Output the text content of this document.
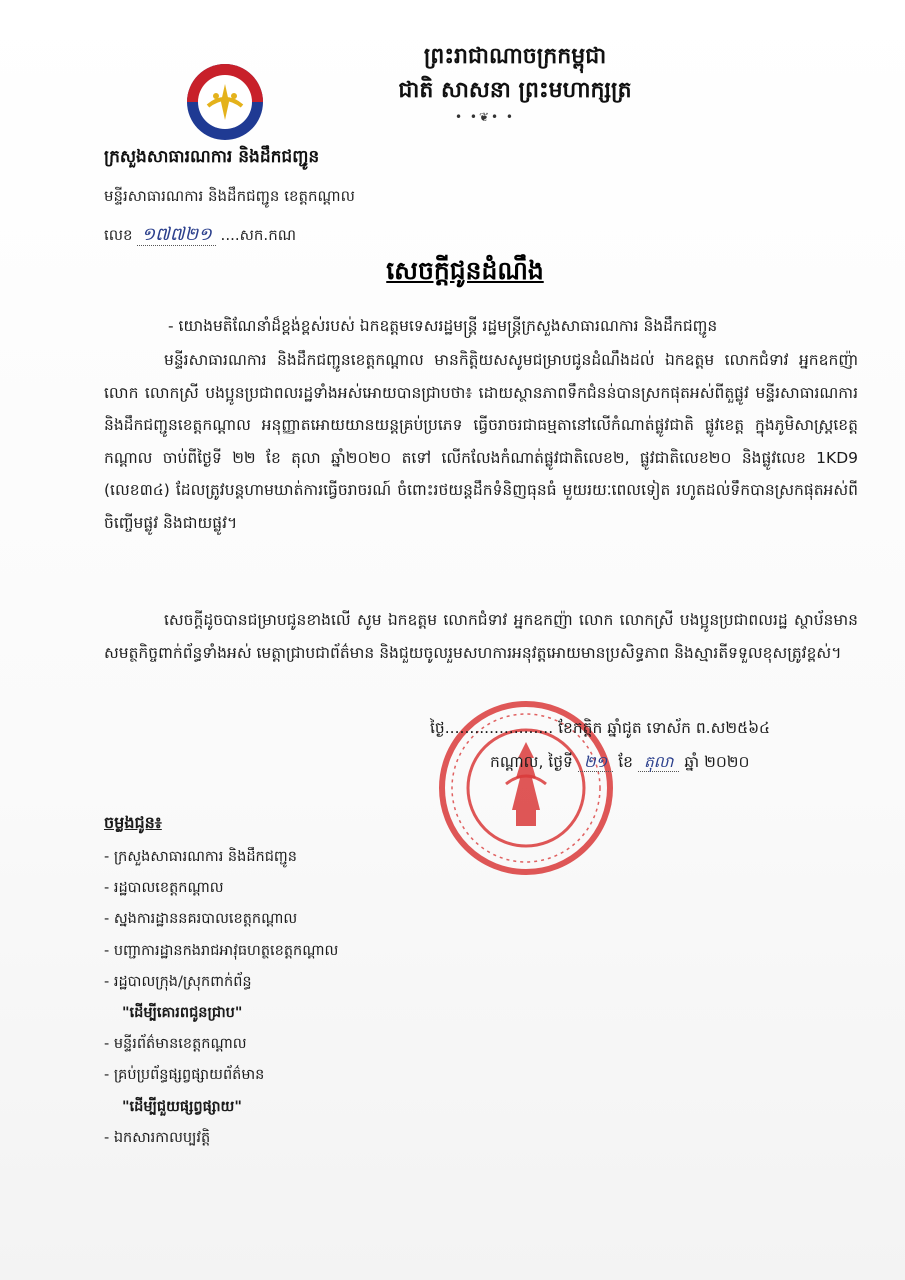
ព្រះរាជាណាចក្រកម្ពុជា
ជាតិ សាសនា ព្រះមហាក្សត្រ
• •❦• •
ក្រសួងសាធារណការ និងដឹកជញ្ជូន
មន្ទីរសាធារណការ និងដឹកជញ្ជូន ខេត្តកណ្តាល
លេខ ១៧៧២១ ....សក.កណ
សេចក្តីជូនដំណឹង
- យោងមតិណែនាំដ៏ខ្ពង់ខ្ពស់របស់ ឯកឧត្តមទេសរដ្ឋមន្ត្រី រដ្ឋមន្ត្រីក្រសួងសាធារណការ និងដឹកជញ្ជូន
មន្ទីរសាធារណការ និងដឹកជញ្ជូនខេត្តកណ្តាល មានកិត្តិយសសូមជម្រាបជូនដំណឹងដល់ ឯកឧត្តម លោកជំទាវ អ្នកឧកញ៉ា លោក លោកស្រី បងប្អូនប្រជាពលរដ្ឋទាំងអស់អោយបានជ្រាបថា៖ ដោយស្ថានភាពទឹកជំនន់បានស្រកផុតអស់ពីតួផ្លូវ មន្ទីរសាធារណការ និងដឹកជញ្ជូនខេត្តកណ្តាល អនុញ្ញាតអោយយានយន្តគ្រប់ប្រភេទ ធ្វើចរាចរជាធម្មតានៅលើកំណាត់ផ្លូវជាតិ ផ្លូវខេត្ត ក្នុងភូមិសាស្ត្រខេត្តកណ្តាល ចាប់ពីថ្ងៃទី ២២ ខែ តុលា ឆ្នាំ២០២០ តទៅ លើកលែងកំណាត់ផ្លូវជាតិលេខ២, ផ្លូវជាតិលេខ២០ និងផ្លូវលេខ 1KD9 (លេខ៣៤) ដែលត្រូវបន្តហាមឃាត់ការធ្វើចរាចរណ៍ ចំពោះរថយន្តដឹកទំនិញធុនធំ មួយរយៈពេលទៀត រហូតដល់ទឹកបានស្រកផុតអស់ពីចិញ្ចើមផ្លូវ និងជាយផ្លូវ។
សេចក្តីដូចបានជម្រាបជូនខាងលើ សូម ឯកឧត្តម លោកជំទាវ អ្នកឧកញ៉ា លោក លោកស្រី បងប្អូនប្រជាពលរដ្ឋ ស្ថាប័នមានសមត្ថកិច្ចពាក់ព័ន្ធទាំងអស់ មេត្តាជ្រាបជាព័ត៌មាន និងជួយចូលរួមសហការអនុវត្តអោយមានប្រសិទ្ធភាព និងស្មារតីទទួលខុសត្រូវខ្ពស់។
ថ្ងៃ...................... ខែកត្តិក ឆ្នាំជូត ទោស័ក ព.ស២៥៦៤
កណ្តាល, ថ្ងៃទី ២១ ខែ តុលា ឆ្នាំ ២០២០
ចម្លងជូន៖
- ក្រសួងសាធារណការ និងដឹកជញ្ជូន
- រដ្ឋបាលខេត្តកណ្តាល
- ស្នងការដ្ឋាននគរបាលខេត្តកណ្តាល
- បញ្ជាការដ្ឋានកងរាជអាវុធហត្ថខេត្តកណ្តាល
- រដ្ឋបាលក្រុង/ស្រុកពាក់ព័ន្ធ
"ដើម្បីគោរពជូនជ្រាប"
- មន្ទីរព័ត៌មានខេត្តកណ្តាល
- គ្រប់ប្រព័ន្ធផ្សព្វផ្សាយព័ត៌មាន
"ដើម្បីជួយផ្សព្វផ្សាយ"
- ឯកសារកាលប្បវត្តិ
